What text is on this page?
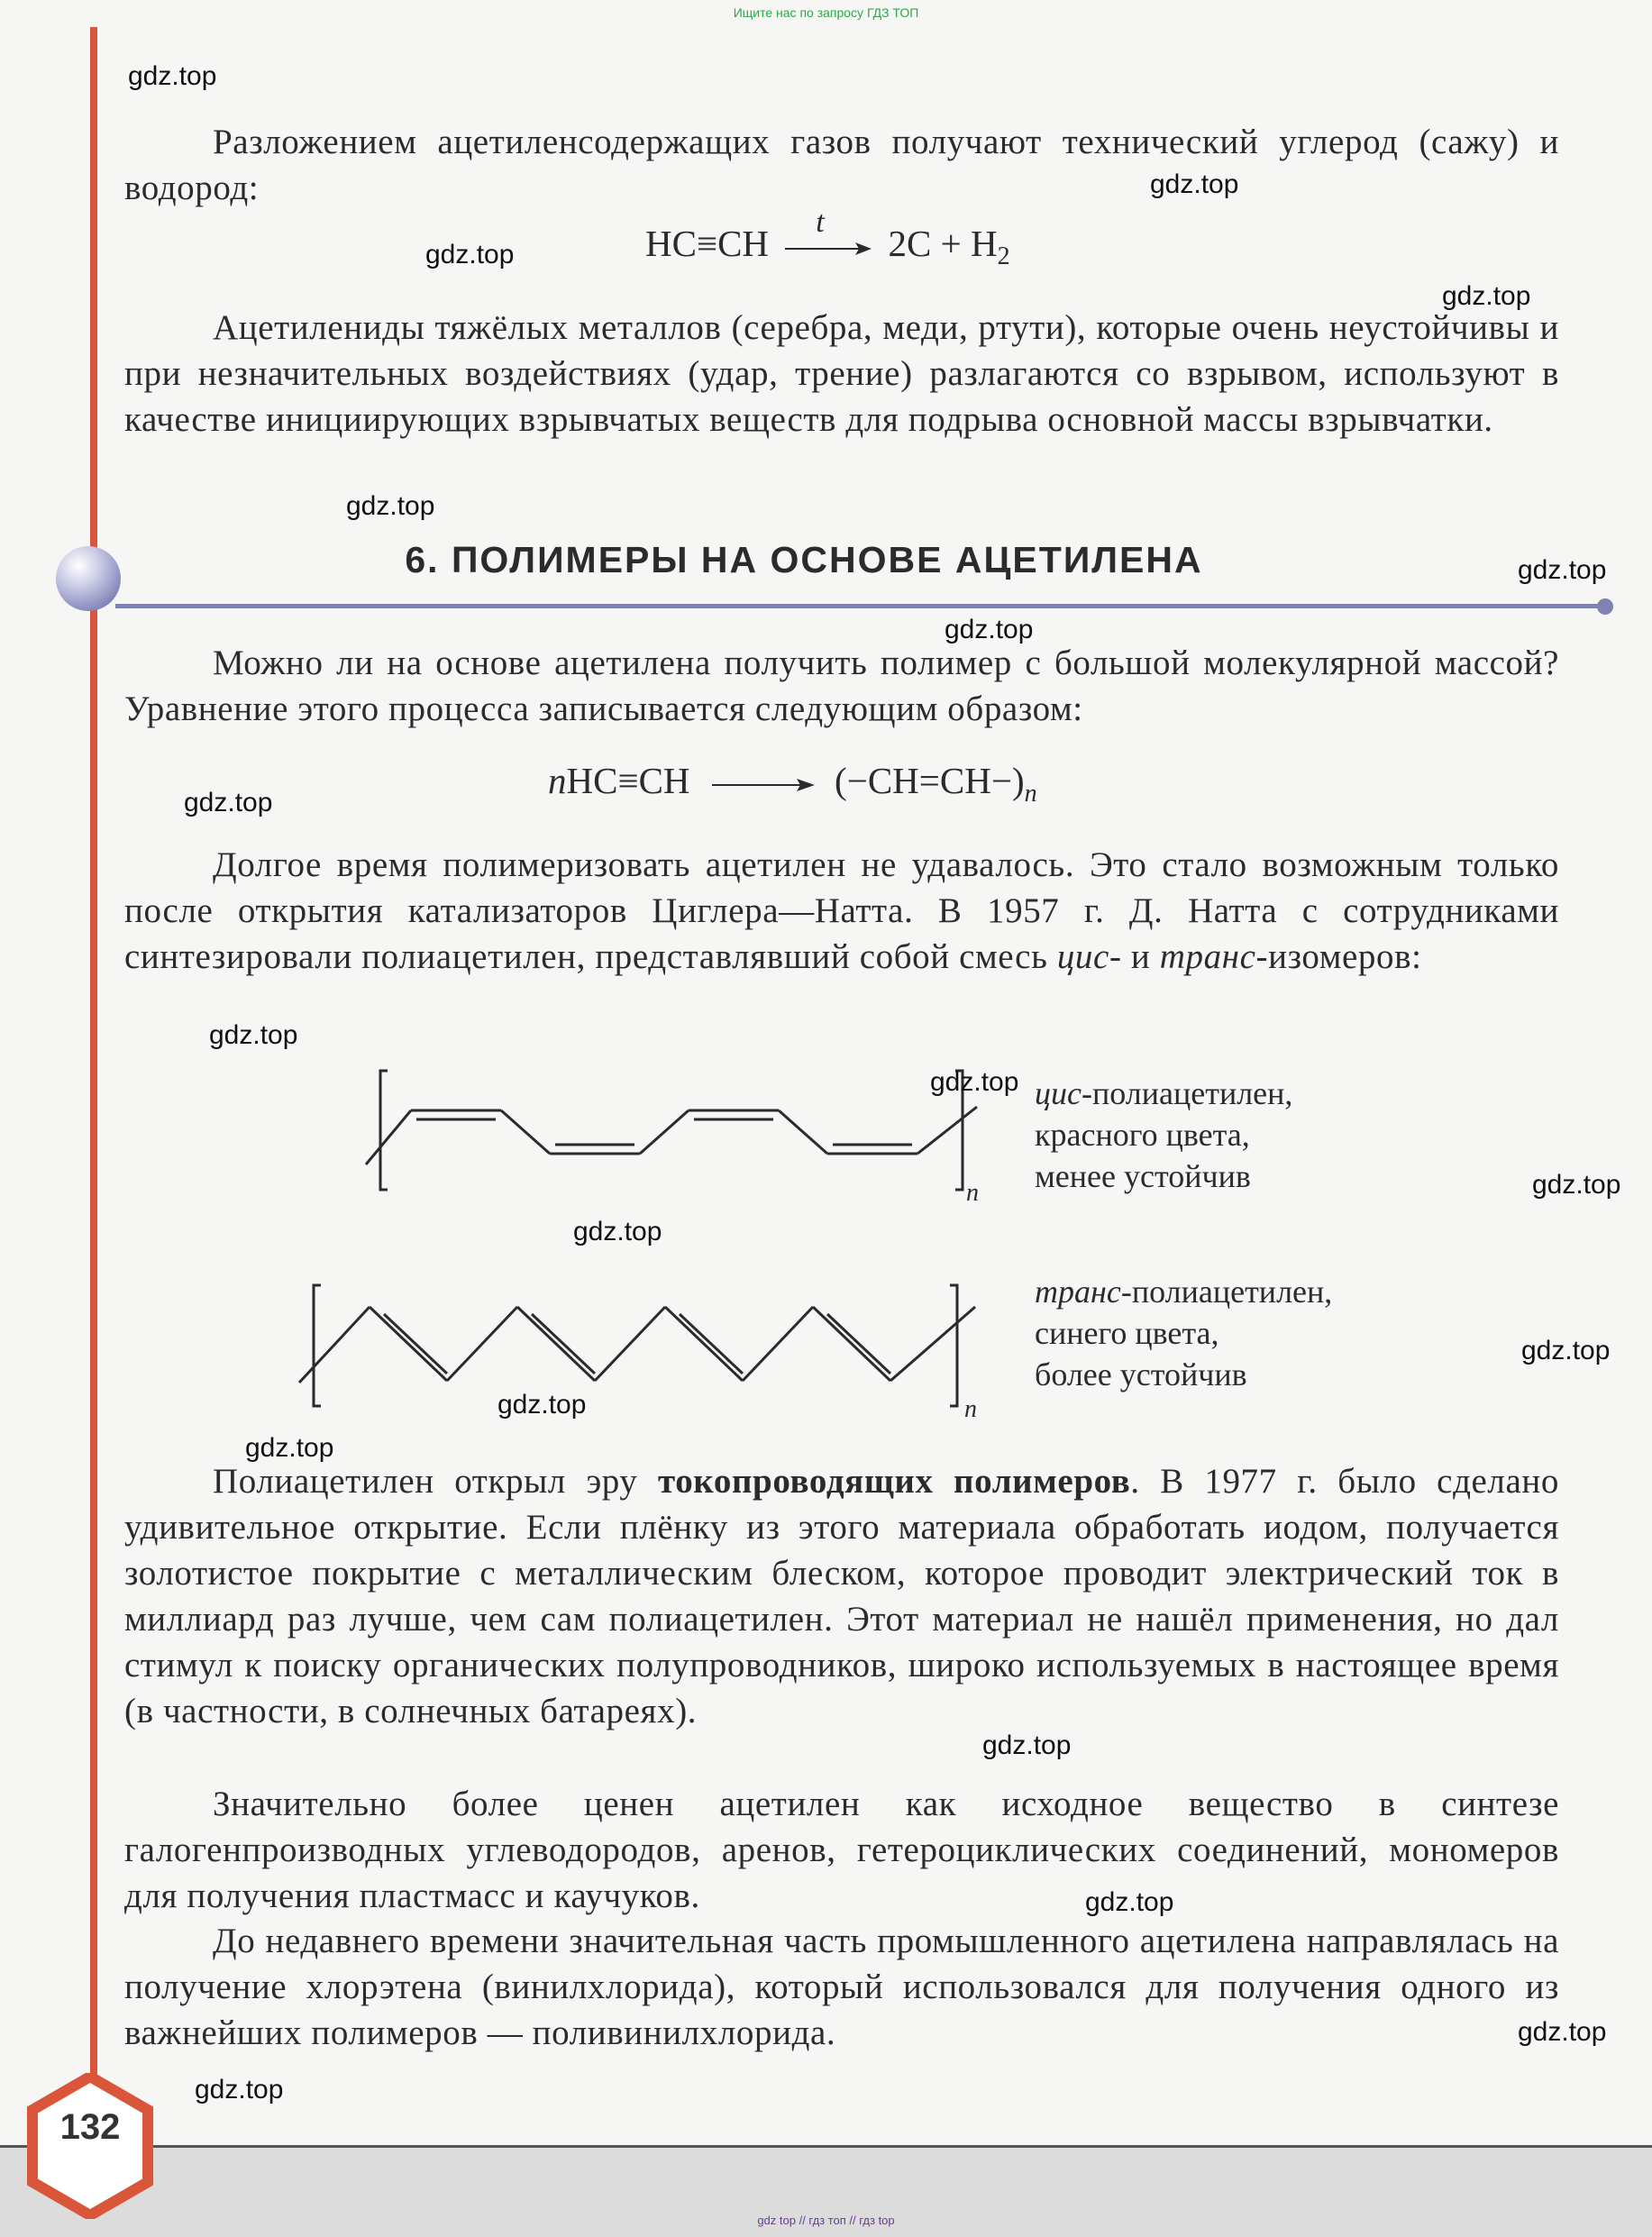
Ищите нас по запросу ГДЗ ТОП

Разложением ацетиленсодержащих газов получают технический углерод (сажу) и водород:

HC≡CH
t
$2C + H_2$

Ацетилениды тяжёлых металлов (серебра, меди, ртути), которые очень неустойчивы и при незначительных воздействиях (удар, трение) разлагаются со взрывом, используют в качестве инициирующих взрывчатых веществ для подрыва основной массы взрывчатки.

6. ПОЛИМЕРЫ НА ОСНОВЕ АЦЕТИЛЕНА

Можно ли на основе ацетилена получить полимер с большой молекулярной массой? Уравнение этого процесса записывается следующим образом:

$nHC\equiv CH \to (-CH=CH-)_n$

Долгое время полимеризовать ацетилен не удавалось. Это стало возможным только после открытия катализаторов Циглера—Натта. В 1957 г. Д. Натта с сотрудниками синтезировали полиацетилен, представлявший собой смесь цис- и транс-изомеров:

n
цис-полиацетилен,
красного цвета,
менее устойчив
n
транс-полиацетилен,
синего цвета,
более устойчив

Полиацетилен открыл эру токопроводящих полимеров. В 1977 г. было сделано удивительное открытие. Если плёнку из этого материала обработать иодом, получается золотистое покрытие с металлическим блеском, которое проводит электрический ток в миллиард раз лучше, чем сам полиацетилен. Этот материал не нашёл применения, но дал стимул к поиску органических полупроводников, широко используемых в настоящее время (в частности, в солнечных батареях).

Значительно более ценен ацетилен как исходное вещество в синтезе галогенпроизводных углеводородов, аренов, гетероциклических соединений, мономеров для получения пластмасс и каучуков.

До недавнего времени значительная часть промышленного ацетилена направлялась на получение хлорэтена (винилхлорида), который использовался для получения одного из важнейших полимеров — поливинилхлорида.

gdz.top
gdz.top
gdz.top
gdz.top
gdz.top
gdz.top
gdz.top
gdz.top
gdz.top
gdz.top
gdz.top
gdz.top
gdz.top
gdz.top
gdz.top
gdz.top
gdz.top
gdz.top
gdz.top
132
gdz top // гдз топ // гдз top
